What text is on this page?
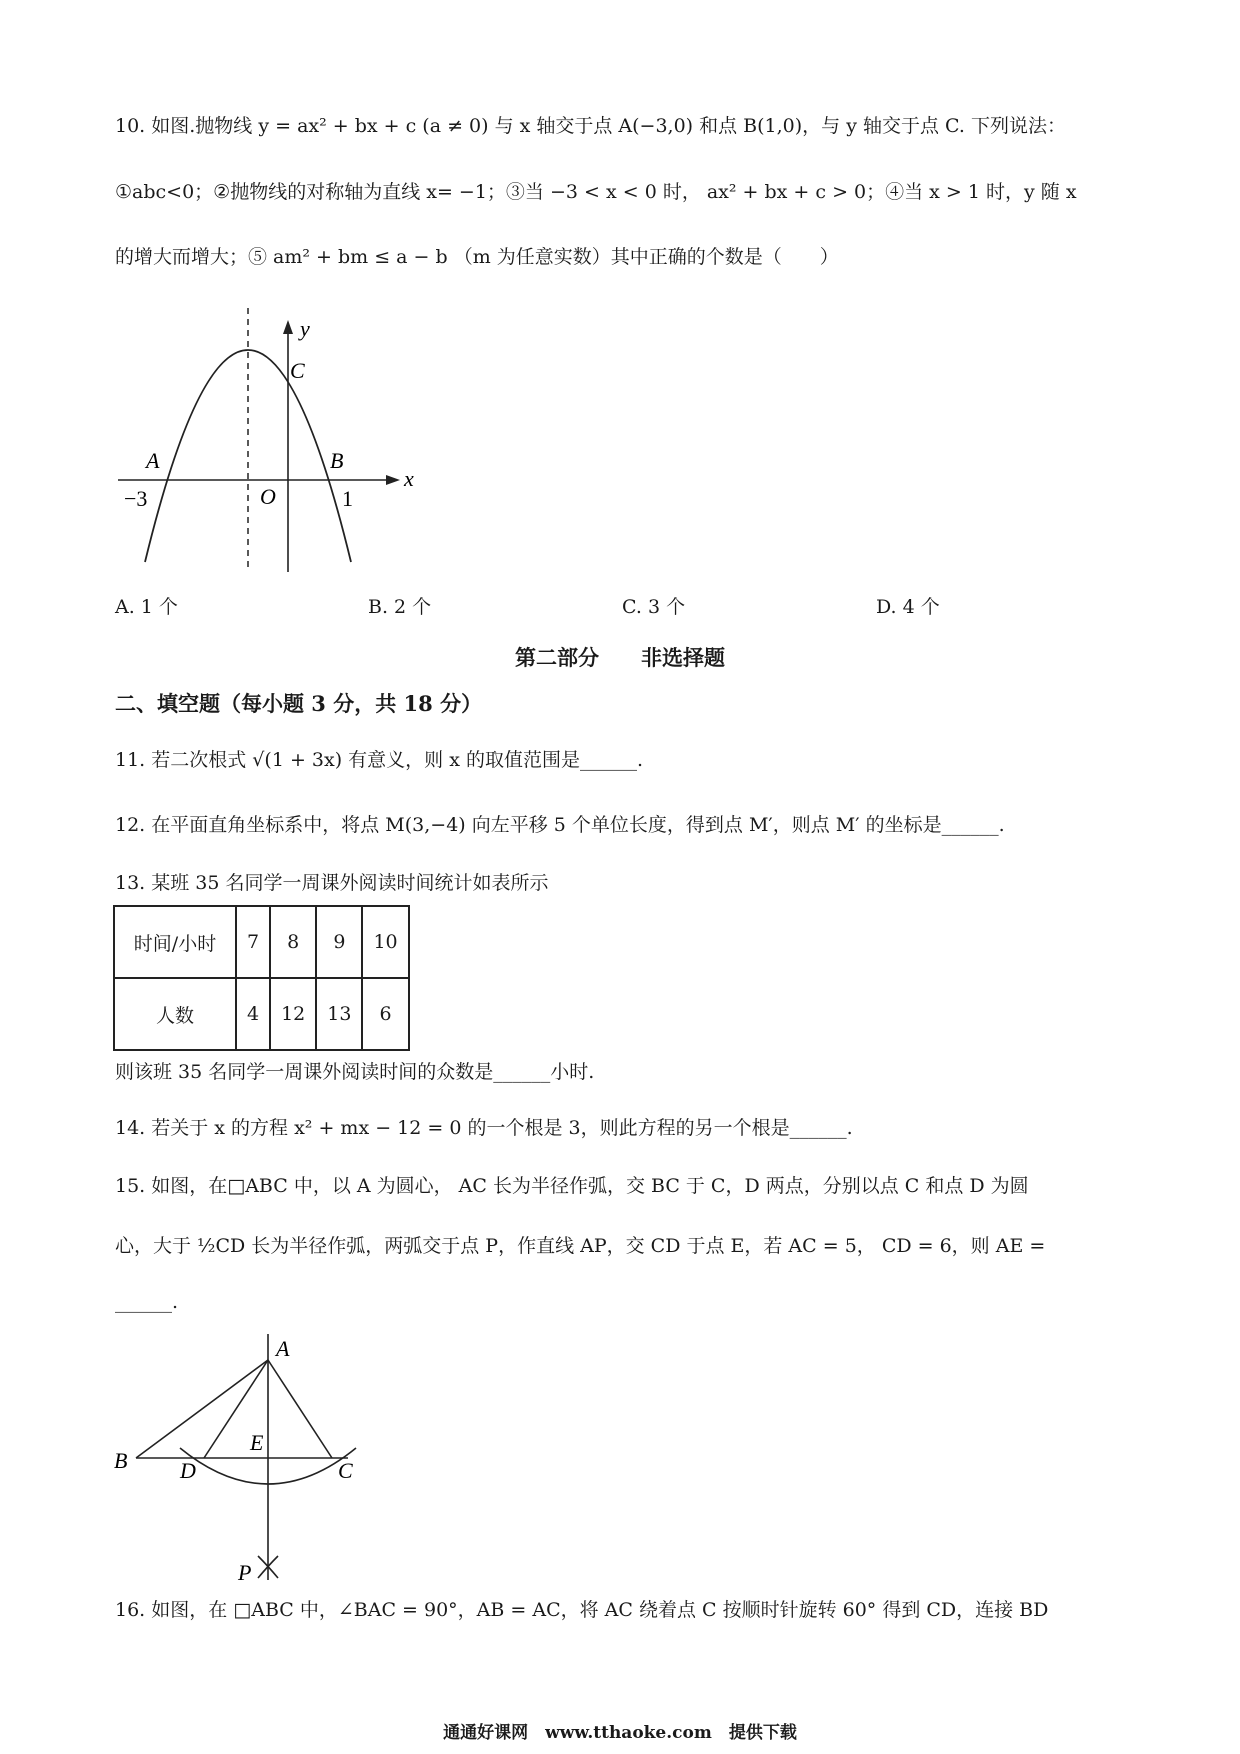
10. 如图.抛物线 y = ax² + bx + c (a ≠ 0) 与 x 轴交于点 A(−3,0) 和点 B(1,0)，与 y 轴交于点 C. 下列说法：
①abc<0；②抛物线的对称轴为直线 x= −1；③当 −3 < x < 0 时， ax² + bx + c > 0；④当 x > 1 时，y 随 x
的增大而增大；⑤ am² + bm ≤ a − b （m 为任意实数）其中正确的个数是（　　）
y
x
C
A	B
O
−3	1
A. 1 个	B. 2 个	C. 3 个	D. 4 个
第二部分　　非选择题
二、填空题（每小题 3 分，共 18 分）
11. 若二次根式 √(1 + 3x) 有意义，则 x 的取值范围是______.
12. 在平面直角坐标系中，将点 M(3,−4) 向左平移 5 个单位长度，得到点 M′，则点 M′ 的坐标是______.
13. 某班 35 名同学一周课外阅读时间统计如表所示
时间/小时	7	8	9	10
人数	4	12	13	6
则该班 35 名同学一周课外阅读时间的众数是______小时.
14. 若关于 x 的方程 x² + mx − 12 = 0 的一个根是 3，则此方程的另一个根是______.
15. 如图，在□ABC 中，以 A 为圆心， AC 长为半径作弧，交 BC 于 C，D 两点，分别以点 C 和点 D 为圆
心，大于 ½CD 长为半径作弧，两弧交于点 P，作直线 AP，交 CD 于点 E，若 AC = 5， CD = 6，则 AE =
______.
A
B
E
D	C
P
16. 如图，在 □ABC 中，∠BAC = 90°，AB = AC，将 AC 绕着点 C 按顺时针旋转 60° 得到 CD，连接 BD
通通好课网　www.tthaoke.com　提供下载
